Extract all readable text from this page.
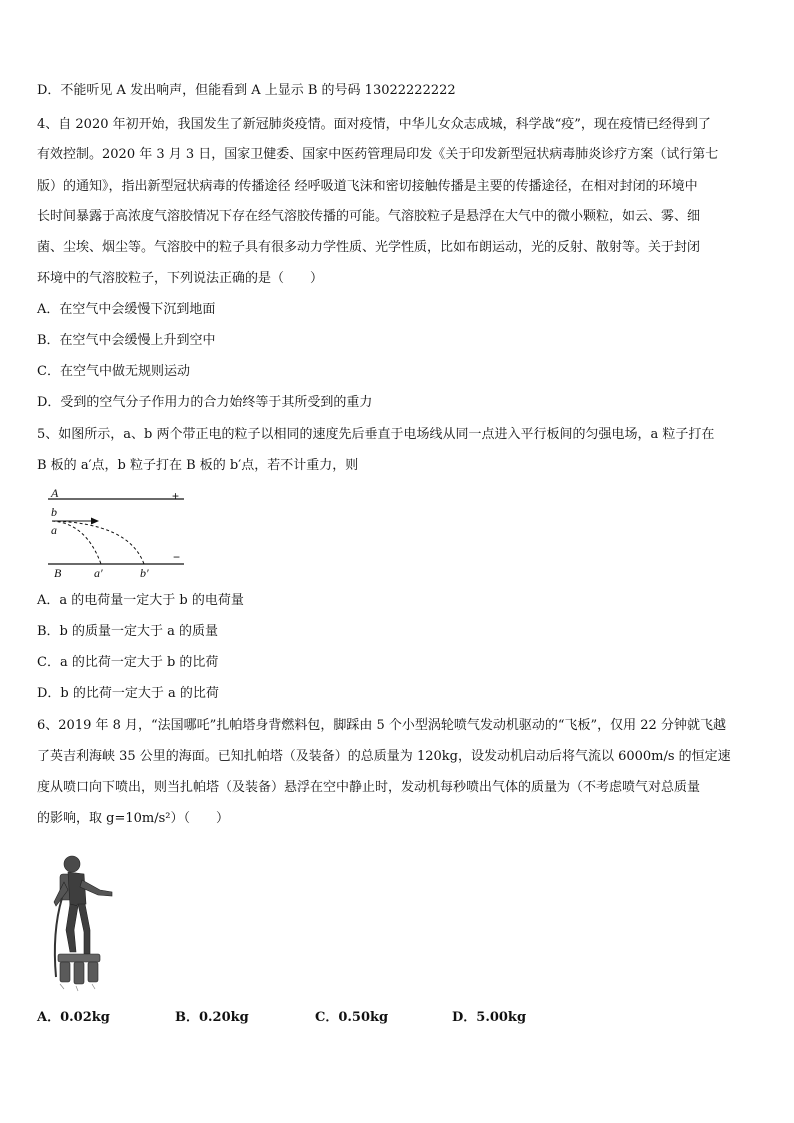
D．不能听见 A 发出响声，但能看到 A 上显示 B 的号码 13022222222
4、自 2020 年初开始，我国发生了新冠肺炎疫情。面对疫情，中华儿女众志成城，科学战“疫”，现在疫情已经得到了
有效控制。2020 年 3 月 3 日，国家卫健委、国家中医药管理局印发《关于印发新型冠状病毒肺炎诊疗方案（试行第七
版）的通知》，指出新型冠状病毒的传播途径 经呼吸道飞沫和密切接触传播是主要的传播途径，在相对封闭的环境中
长时间暴露于高浓度气溶胶情况下存在经气溶胶传播的可能。气溶胶粒子是悬浮在大气中的微小颗粒，如云、雾、细
菌、尘埃、烟尘等。气溶胶中的粒子具有很多动力学性质、光学性质，比如布朗运动，光的反射、散射等。关于封闭
环境中的气溶胶粒子，下列说法正确的是（　　）
A．在空气中会缓慢下沉到地面
B．在空气中会缓慢上升到空中
C．在空气中做无规则运动
D．受到的空气分子作用力的合力始终等于其所受到的重力
5、如图所示，a、b 两个带正电的粒子以相同的速度先后垂直于电场线从同一点进入平行板间的匀强电场，a 粒子打在
B 板的 a′点，b 粒子打在 B 板的 b′点，若不计重力，则
A	+
B
−
b
a
a′	b′
A．a 的电荷量一定大于 b 的电荷量
B．b 的质量一定大于 a 的质量
C．a 的比荷一定大于 b 的比荷
D．b 的比荷一定大于 a 的比荷
6、2019 年 8 月，“法国哪吒”扎帕塔身背燃料包，脚踩由 5 个小型涡轮喷气发动机驱动的“飞板”，仅用 22 分钟就飞越
了英吉利海峡 35 公里的海面。已知扎帕塔（及装备）的总质量为 120kg，设发动机启动后将气流以 6000m/s 的恒定速
度从喷口向下喷出，则当扎帕塔（及装备）悬浮在空中静止时，发动机每秒喷出气体的质量为（不考虑喷气对总质量
的影响，取 g=10m/s²）（　　）
A．0.02kg	B．0.20kg	C．0.50kg	D．5.00kg
